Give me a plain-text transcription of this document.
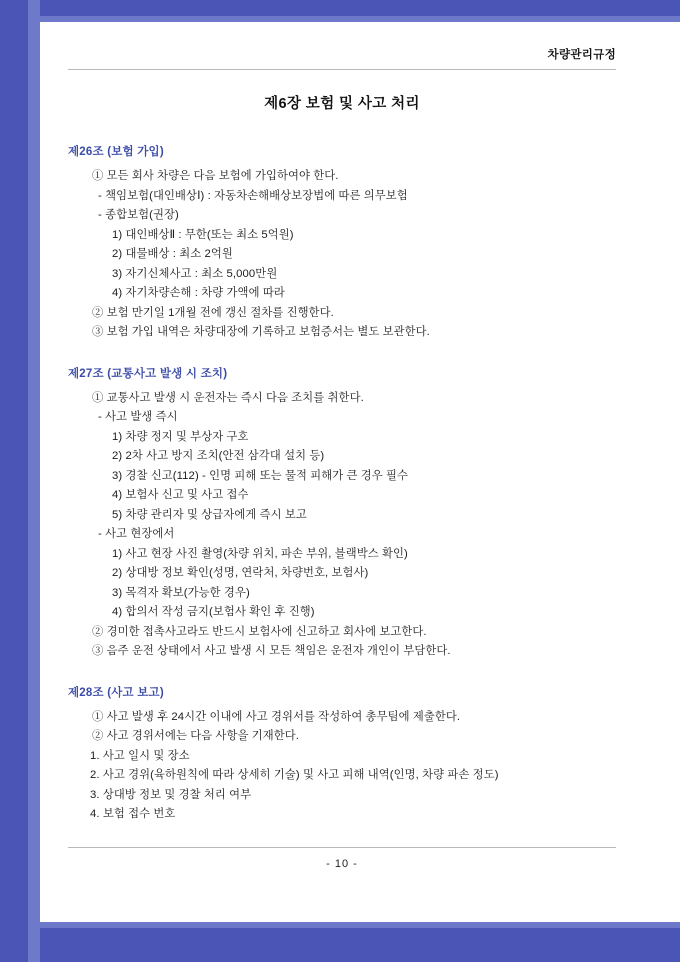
차량관리규정
제6장 보험 및 사고 처리
제26조 (보험 가입)
① 모든 회사 차량은 다음 보험에 가입하여야 한다.
- 책임보험(대인배상Ⅰ) : 자동차손해배상보장법에 따른 의무보험
- 종합보험(권장)
1) 대인배상Ⅱ : 무한(또는 최소 5억원)
2) 대물배상 : 최소 2억원
3) 자기신체사고 : 최소 5,000만원
4) 자기차량손해 : 차량 가액에 따라
② 보험 만기일 1개월 전에 갱신 절차를 진행한다.
③ 보험 가입 내역은 차량대장에 기록하고 보험증서는 별도 보관한다.
제27조 (교통사고 발생 시 조치)
① 교통사고 발생 시 운전자는 즉시 다음 조치를 취한다.
- 사고 발생 즉시
1) 차량 정지 및 부상자 구호
2) 2차 사고 방지 조치(안전 삼각대 설치 등)
3) 경찰 신고(112) - 인명 피해 또는 물적 피해가 큰 경우 필수
4) 보험사 신고 및 사고 접수
5) 차량 관리자 및 상급자에게 즉시 보고
- 사고 현장에서
1) 사고 현장 사진 촬영(차량 위치, 파손 부위, 블랙박스 확인)
2) 상대방 정보 확인(성명, 연락처, 차량번호, 보험사)
3) 목격자 확보(가능한 경우)
4) 합의서 작성 금지(보험사 확인 후 진행)
② 경미한 접촉사고라도 반드시 보험사에 신고하고 회사에 보고한다.
③ 음주 운전 상태에서 사고 발생 시 모든 책임은 운전자 개인이 부담한다.
제28조 (사고 보고)
① 사고 발생 후 24시간 이내에 사고 경위서를 작성하여 총무팀에 제출한다.
② 사고 경위서에는 다음 사항을 기재한다.
1. 사고 일시 및 장소
2. 사고 경위(육하원칙에 따라 상세히 기술) 및 사고 피해 내역(인명, 차량 파손 정도)
3. 상대방 정보 및 경찰 처리 여부
4. 보험 접수 번호
- 10 -
